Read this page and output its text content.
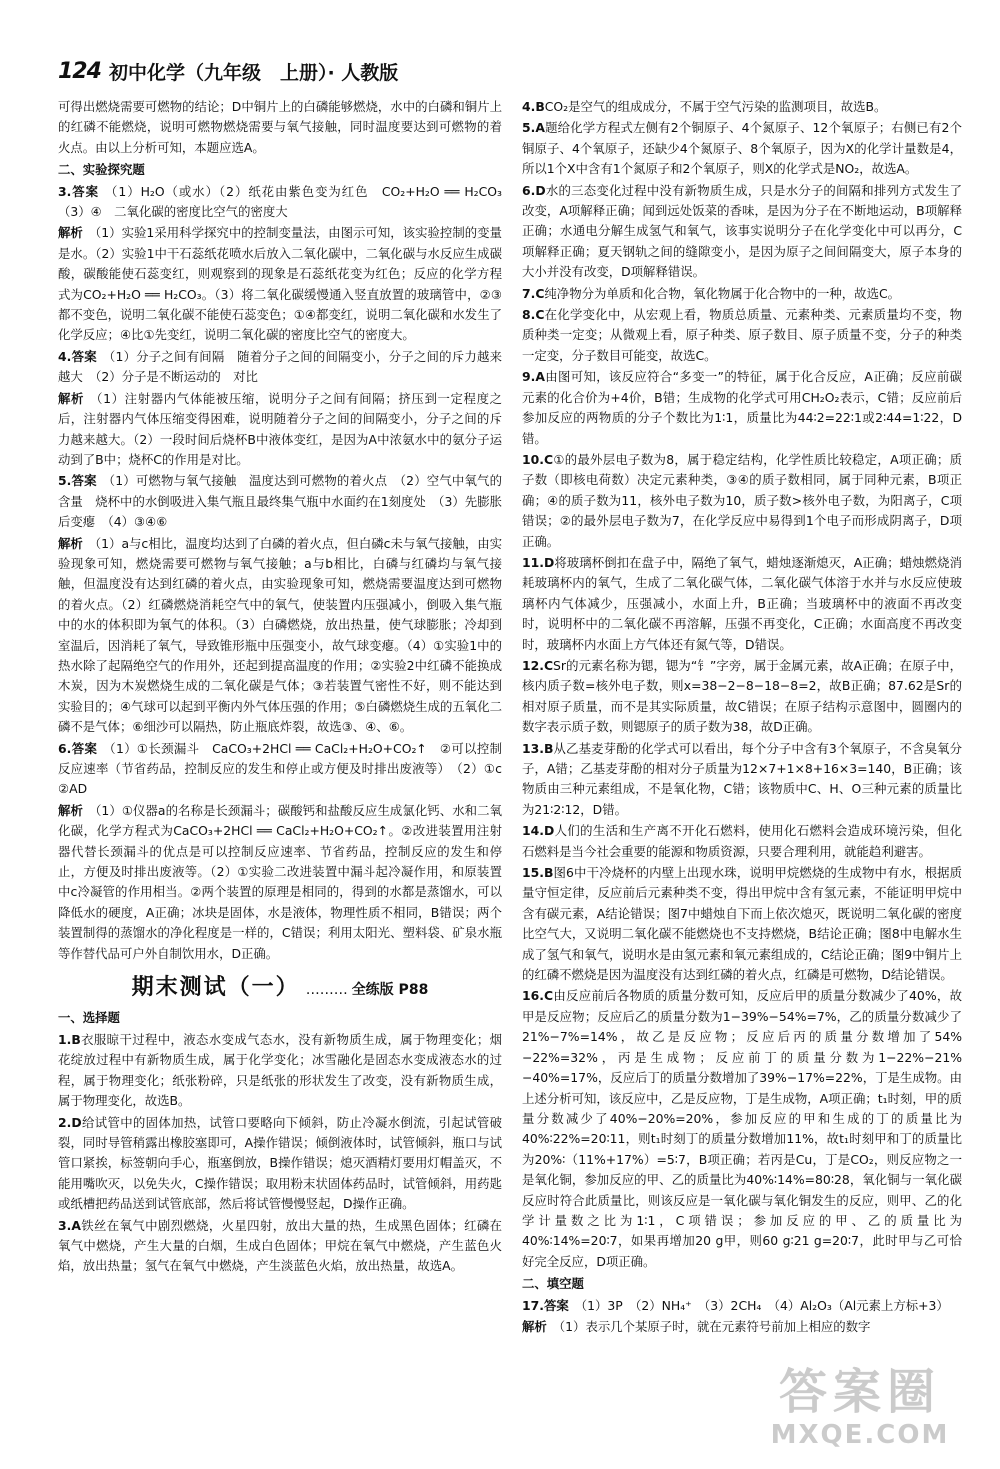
124 初中化学（九年级　上册）· 人教版
可得出燃烧需要可燃物的结论；D中铜片上的白磷能够燃烧，水中的白磷和铜片上的红磷不能燃烧，说明可燃物燃烧需要与氧气接触，同时温度要达到可燃物的着火点。由以上分析可知，本题应选A。
二、实验探究题
3.答案 （1）H₂O（或水）（2）纸花由紫色变为红色　CO₂+H₂O ══ H₂CO₃（3）④　二氧化碳的密度比空气的密度大
解析 （1）实验1采用科学探究中的控制变量法，由图示可知，该实验控制的变量是水。（2）实验1中干石蕊纸花喷水后放入二氧化碳中，二氧化碳与水反应生成碳酸，碳酸能使石蕊变红，则观察到的现象是石蕊纸花变为红色；反应的化学方程式为CO₂+H₂O ══ H₂CO₃。（3）将二氧化碳缓慢通入竖直放置的玻璃管中，②③都不变色，说明二氧化碳不能使石蕊变色；①④都变红，说明二氧化碳和水发生了化学反应；④比①先变红，说明二氧化碳的密度比空气的密度大。
4.答案 （1）分子之间有间隔　随着分子之间的间隔变小，分子之间的斥力越来越大　（2）分子是不断运动的　对比
解析 （1）注射器内气体能被压缩，说明分子之间有间隔；挤压到一定程度之后，注射器内气体压缩变得困难，说明随着分子之间的间隔变小，分子之间的斥力越来越大。（2）一段时间后烧杯B中液体变红，是因为A中浓氨水中的氨分子运动到了B中；烧杯C的作用是对比。
5.答案 （1）可燃物与氧气接触　温度达到可燃物的着火点　（2）空气中氧气的含量　烧杯中的水倒吸进入集气瓶且最终集气瓶中水面约在1刻度处　（3）先膨胀后变瘪　（4）③④⑥
解析 （1）a与c相比，温度均达到了白磷的着火点，但白磷c未与氧气接触，由实验现象可知，燃烧需要可燃物与氧气接触；a与b相比，白磷与红磷均与氧气接触，但温度没有达到红磷的着火点，由实验现象可知，燃烧需要温度达到可燃物的着火点。（2）红磷燃烧消耗空气中的氧气，使装置内压强减小，倒吸入集气瓶中的水的体积即为氧气的体积。（3）白磷燃烧，放出热量，使气球膨胀；冷却到室温后，因消耗了氧气，导致锥形瓶中压强变小，故气球变瘪。（4）①实验1中的热水除了起隔绝空气的作用外，还起到提高温度的作用；②实验2中红磷不能换成木炭，因为木炭燃烧生成的二氧化碳是气体；③若装置气密性不好，则不能达到实验目的；④气球可以起到平衡内外气体压强的作用；⑤白磷燃烧生成的五氧化二磷不是气体；⑥细沙可以隔热，防止瓶底炸裂，故选③、④、⑥。
6.答案 （1）①长颈漏斗　CaCO₃+2HCl ══ CaCl₂+H₂O+CO₂↑　②可以控制反应速率（节省药品，控制反应的发生和停止或方便及时排出废液等）　（2）①c　②AD
解析 （1）①仪器a的名称是长颈漏斗；碳酸钙和盐酸反应生成氯化钙、水和二氧化碳，化学方程式为CaCO₃+2HCl ══ CaCl₂+H₂O+CO₂↑。②改进装置用注射器代替长颈漏斗的优点是可以控制反应速率、节省药品，控制反应的发生和停止，方便及时排出废液等。（2）①实验二改进装置中漏斗起冷凝作用，和原装置中c冷凝管的作用相当。②两个装置的原理是相同的，得到的水都是蒸馏水，可以降低水的硬度，A正确；冰块是固体，水是液体，物理性质不相同，B错误；两个装置制得的蒸馏水的净化程度是一样的，C错误；利用太阳光、塑料袋、矿泉水瓶等作替代品可户外自制饮用水，D正确。
期末测试（一） ……… 全练版 P88
一、选择题
1.B衣服晾干过程中，液态水变成气态水，没有新物质生成，属于物理变化；烟花绽放过程中有新物质生成，属于化学变化；冰雪融化是固态水变成液态水的过程，属于物理变化；纸张粉碎，只是纸张的形状发生了改变，没有新物质生成，属于物理变化，故选B。
2.D给试管中的固体加热，试管口要略向下倾斜，防止冷凝水倒流，引起试管破裂，同时导管稍露出橡胶塞即可，A操作错误；倾倒液体时，试管倾斜，瓶口与试管口紧挨，标签朝向手心，瓶塞倒放，B操作错误；熄灭酒精灯要用灯帽盖灭，不能用嘴吹灭，以免失火，C操作错误；取用粉末状固体药品时，试管倾斜，用药匙或纸槽把药品送到试管底部，然后将试管慢慢竖起，D操作正确。
3.A铁丝在氧气中剧烈燃烧，火星四射，放出大量的热，生成黑色固体；红磷在氧气中燃烧，产生大量的白烟，生成白色固体；甲烷在氧气中燃烧，产生蓝色火焰，放出热量；氢气在氧气中燃烧，产生淡蓝色火焰，放出热量，故选A。
4.BCO₂是空气的组成成分，不属于空气污染的监测项目，故选B。
5.A题给化学方程式左侧有2个铜原子、4个氮原子、12个氧原子；右侧已有2个铜原子、4个氧原子，还缺少4个氮原子、8个氧原子，因为X的化学计量数是4，所以1个X中含有1个氮原子和2个氧原子，则X的化学式是NO₂，故选A。
6.D水的三态变化过程中没有新物质生成，只是水分子的间隔和排列方式发生了改变，A项解释正确；闻到远处饭菜的香味，是因为分子在不断地运动，B项解释正确；水通电分解生成氢气和氧气，该事实说明分子在化学变化中可以再分，C项解释正确；夏天钢轨之间的缝隙变小，是因为原子之间间隔变大，原子本身的大小并没有改变，D项解释错误。
7.C纯净物分为单质和化合物，氧化物属于化合物中的一种，故选C。
8.C在化学变化中，从宏观上看，物质总质量、元素种类、元素质量均不变，物质种类一定变；从微观上看，原子种类、原子数目、原子质量不变，分子的种类一定变，分子数目可能变，故选C。
9.A由图可知，该反应符合“多变一”的特征，属于化合反应，A正确；反应前碳元素的化合价为+4价，B错；生成物的化学式可用CH₂O₂表示，C错；反应前后参加反应的两物质的分子个数比为1∶1，质量比为44∶2=22∶1或2∶44=1∶22，D错。
10.C①的最外层电子数为8，属于稳定结构，化学性质比较稳定，A项正确；质子数（即核电荷数）决定元素种类，③④的质子数相同，属于同种元素，B项正确；④的质子数为11，核外电子数为10，质子数>核外电子数，为阳离子，C项错误；②的最外层电子数为7，在化学反应中易得到1个电子而形成阴离子，D项正确。
11.D将玻璃杯倒扣在盘子中，隔绝了氧气，蜡烛逐渐熄灭，A正确；蜡烛燃烧消耗玻璃杯内的氧气，生成了二氧化碳气体，二氧化碳气体溶于水并与水反应使玻璃杯内气体减少，压强减小，水面上升，B正确；当玻璃杯中的液面不再改变时，说明杯中的二氧化碳不再溶解，压强不再变化，C正确；水面高度不再改变时，玻璃杯内水面上方气体还有氮气等，D错误。
12.CSr的元素名称为锶，锶为“钅”字旁，属于金属元素，故A正确；在原子中，核内质子数=核外电子数，则x=38−2−8−18−8=2，故B正确；87.62是Sr的相对原子质量，而不是其实际质量，故C错误；在原子结构示意图中，圆圈内的数字表示质子数，则锶原子的质子数为38，故D正确。
13.B从乙基麦芽酚的化学式可以看出，每个分子中含有3个氧原子，不含臭氧分子，A错；乙基麦芽酚的相对分子质量为12×7+1×8+16×3=140，B正确；该物质由三种元素组成，不是氧化物，C错；该物质中C、H、O三种元素的质量比为21∶2∶12，D错。
14.D人们的生活和生产离不开化石燃料，使用化石燃料会造成环境污染，但化石燃料是当今社会重要的能源和物质资源，只要合理利用，就能趋利避害。
15.B图6中干冷烧杯的内壁上出现水珠，说明甲烷燃烧的生成物中有水，根据质量守恒定律，反应前后元素种类不变，得出甲烷中含有氢元素，不能证明甲烷中含有碳元素，A结论错误；图7中蜡烛自下而上依次熄灭，既说明二氧化碳的密度比空气大，又说明二氧化碳不能燃烧也不支持燃烧，B结论正确；图8中电解水生成了氢气和氧气，说明水是由氢元素和氧元素组成的，C结论正确；图9中铜片上的红磷不燃烧是因为温度没有达到红磷的着火点，红磷是可燃物，D结论错误。
16.C由反应前后各物质的质量分数可知，反应后甲的质量分数减少了40%，故甲是反应物；反应后乙的质量分数为1−39%−54%=7%，乙的质量分数减少了21%−7%=14%，故乙是反应物；反应后丙的质量分数增加了54%−22%=32%，丙是生成物；反应前丁的质量分数为1−22%−21%−40%=17%，反应后丁的质量分数增加了39%−17%=22%，丁是生成物。由上述分析可知，该反应中，乙是反应物，丁是生成物，A项正确；t₁时刻，甲的质量分数减少了40%−20%=20%，参加反应的甲和生成的丁的质量比为40%∶22%=20∶11，则t₁时刻丁的质量分数增加11%，故t₁时刻甲和丁的质量比为20%∶（11%+17%）=5∶7，B项正确；若丙是Cu，丁是CO₂，则反应物之一是氧化铜，参加反应的甲、乙的质量比为40%∶14%=80∶28，氧化铜与一氧化碳反应时符合此质量比，则该反应是一氧化碳与氧化铜发生的反应，则甲、乙的化学计量数之比为1∶1，C项错误；参加反应的甲、乙的质量比为40%∶14%=20∶7，如果再增加20 g甲，则60 g∶21 g=20∶7，此时甲与乙可恰好完全反应，D项正确。
二、填空题
17.答案 （1）3P　（2）NH₄⁺　（3）2CH₄　（4）Al₂O₃（Al元素上方标+3）
解析 （1）表示几个某原子时，就在元素符号前加上相应的数字
答案圈
MXQE.COM
